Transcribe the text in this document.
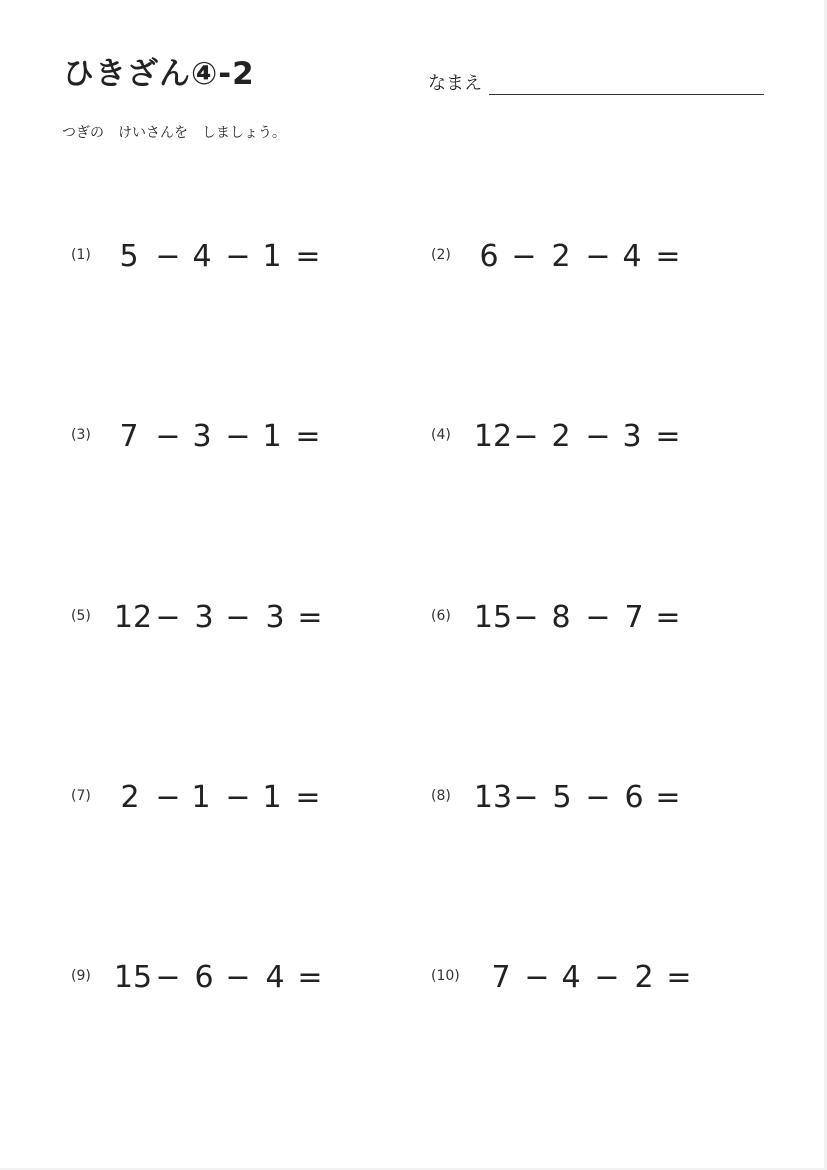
ひきざん④-2	なまえ
つぎの　けいさんを　しましょう。
(1) 5 − 4 − 1 =	(2) 6 − 2 − 4 =
(3) 7 − 3 − 1 =	(4) 12 − 2 − 3 =
(5) 12 − 3 − 3 =	(6) 15 − 8 − 7 =
(7) 2 − 1 − 1 =	(8) 13 − 5 − 6 =
(9) 15 − 6 − 4 =	(10) 7 − 4 − 2 =
